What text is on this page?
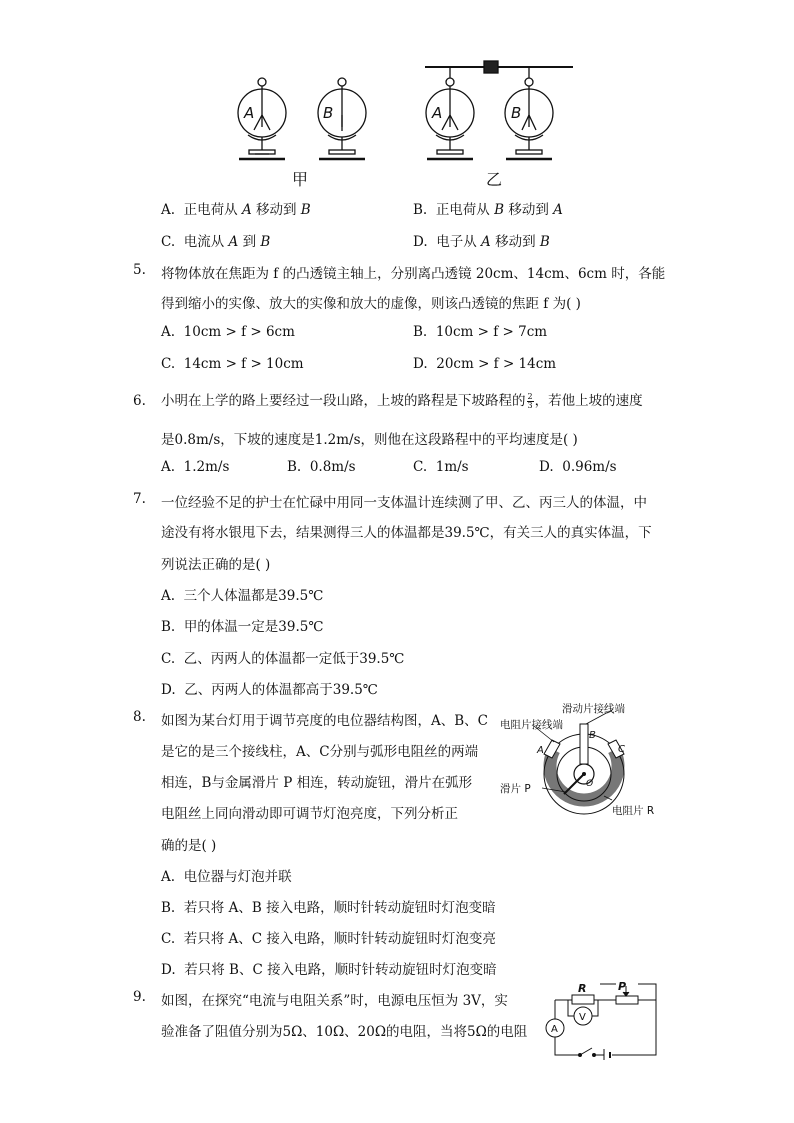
A	B	A	B
甲	乙
A. 正电荷从 A 移动到 B	B. 正电荷从 B 移动到 A
C. 电流从 A 到 B	D. 电子从 A 移动到 B
5. 将物体放在焦距为 f 的凸透镜主轴上，分别离凸透镜 20cm、14cm、6cm 时，各能
得到缩小的实像、放大的实像和放大的虚像，则该凸透镜的焦距 f 为( )
A. 10cm > f > 6cm	B. 10cm > f > 7cm
C. 14cm > f > 10cm	D. 20cm > f > 14cm
6. 小明在上学的路上要经过一段山路，上坡的路程是下坡路程的 $\frac{2}{3}$ ，若他上坡的速度
是0.8m/s，下坡的速度是1.2m/s，则他在这段路程中的平均速度是( )
A. 1.2m/s	B. 0.8m/s	C. 1m/s	D. 0.96m/s
7. 一位经验不足的护士在忙碌中用同一支体温计连续测了甲、乙、丙三人的体温，中
途没有将水银甩下去，结果测得三人的体温都是39.5℃，有关三人的真实体温，下
列说法正确的是( )
A. 三个人体温都是39.5℃
B. 甲的体温一定是39.5℃
C. 乙、丙两人的体温都一定低于39.5℃
D. 乙、丙两人的体温都高于39.5℃
8. 如图为某台灯用于调节亮度的电位器结构图，A、B、C
是它的是三个接线柱，A、C分别与弧形电阻丝的两端
相连，B与金属滑片 P 相连，转动旋钮，滑片在弧形
电阻丝上同向滑动即可调节灯泡亮度，下列分析正
确的是( )
滑动片接线端
电阻片接线端
A
B
C
O
滑片 P
电阻片 R
A. 电位器与灯泡并联
B. 若只将 A、B 接入电路，顺时针转动旋钮时灯泡变暗
C. 若只将 A、C 接入电路，顺时针转动旋钮时灯泡变亮
D. 若只将 B、C 接入电路，顺时针转动旋钮时灯泡变暗
9. 如图，在探究“电流与电阻关系”时，电源电压恒为 3V，实
验准备了阻值分别为5Ω、10Ω、20Ω的电阻，当将5Ω的电阻
R	P
V
A
